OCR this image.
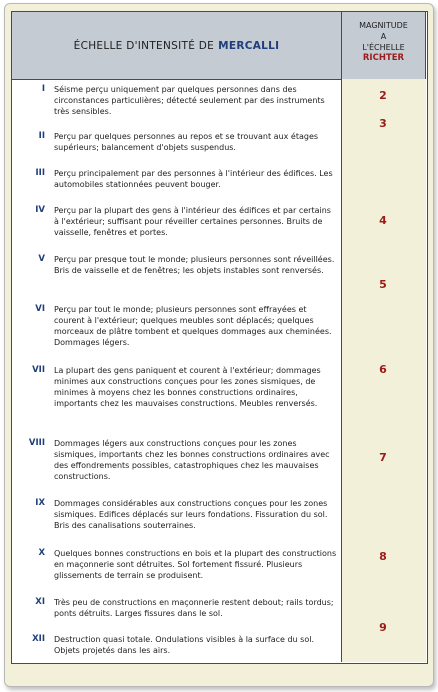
ÉCHELLE D'INTENSITÉ DE MERCALLI
MAGNITUDE
A
L'ÉCHELLE
RICHTER
I Séisme perçu uniquement par quelques personnes dans des circonstances particulières; détecté seulement par des instruments très sensibles.
II Perçu par quelques personnes au repos et se trouvant aux étages supérieurs; balancement d'objets suspendus.
III Perçu principalement par des personnes à l'intérieur des édifices. Les automobiles stationnées peuvent bouger.
IV Perçu par la plupart des gens à l'intérieur des édifices et par certains à l'extérieur; suffisant pour réveiller certaines personnes. Bruits de vaisselle, fenêtres et portes.
V Perçu par presque tout le monde; plusieurs personnes sont réveillées. Bris de vaisselle et de fenêtres; les objets instables sont renversés.
VI Perçu par tout le monde; plusieurs personnes sont effrayées et courent à l'extérieur; quelques meubles sont déplacés; quelques morceaux de plâtre tombent et quelques dommages aux cheminées. Dommages légers.
VII La plupart des gens paniquent et courent à l'extérieur; dommages minimes aux constructions conçues pour les zones sismiques, de minimes à moyens chez les bonnes constructions ordinaires, importants chez les mauvaises constructions. Meubles renversés.
VIII Dommages légers aux constructions conçues pour les zones sismiques, importants chez les bonnes constructions ordinaires avec des effondrements possibles, catastrophiques chez les mauvaises constructions.
IX Dommages considérables aux constructions conçues pour les zones sismiques. Edifices déplacés sur leurs fondations. Fissuration du sol. Bris des canalisations souterraines.
X Quelques bonnes constructions en bois et la plupart des constructions en maçonnerie sont détruites. Sol fortement fissuré. Plusieurs glissements de terrain se produisent.
XI Très peu de constructions en maçonnerie restent debout; rails tordus; ponts détruits. Larges fissures dans le sol.
XII Destruction quasi totale. Ondulations visibles à la surface du sol. Objets projetés dans les airs.
2
3
4
5
6
7
8
9
